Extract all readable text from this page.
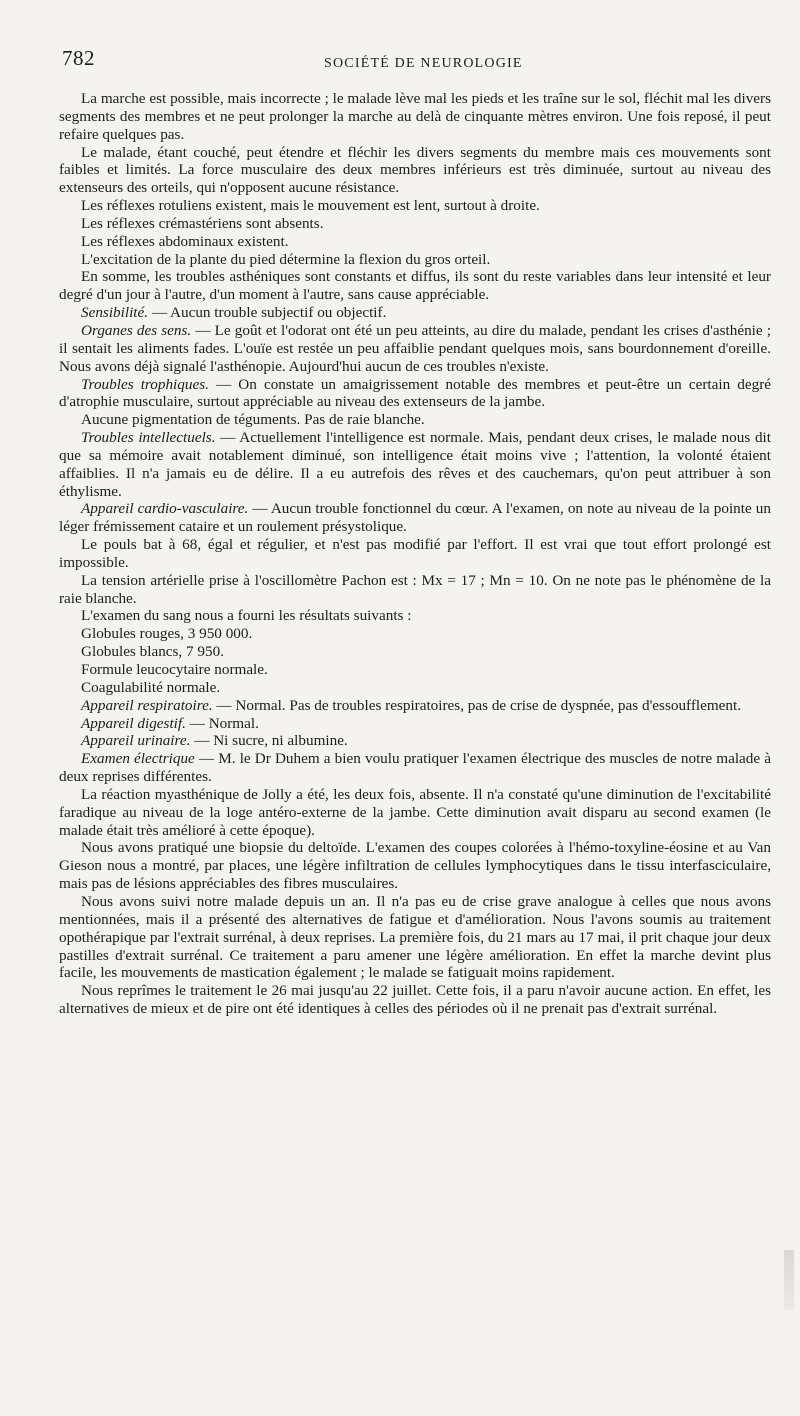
782	SOCIÉTÉ DE NEUROLOGIE

La marche est possible, mais incorrecte ; le malade lève mal les pieds et les traîne sur le sol, fléchit mal les divers segments des membres et ne peut prolonger la marche au delà de cinquante mètres environ. Une fois reposé, il peut refaire quelques pas.

Le malade, étant couché, peut étendre et fléchir les divers segments du membre mais ces mouvements sont faibles et limités. La force musculaire des deux membres inférieurs est très diminuée, surtout au niveau des extenseurs des orteils, qui n'opposent aucune résistance.

Les réflexes rotuliens existent, mais le mouvement est lent, surtout à droite.

Les réflexes crémastériens sont absents.

Les réflexes abdominaux existent.

L'excitation de la plante du pied détermine la flexion du gros orteil.

En somme, les troubles asthéniques sont constants et diffus, ils sont du reste variables dans leur intensité et leur degré d'un jour à l'autre, d'un moment à l'autre, sans cause appréciable.

Sensibilité. — Aucun trouble subjectif ou objectif.

Organes des sens. — Le goût et l'odorat ont été un peu atteints, au dire du malade, pendant les crises d'asthénie ; il sentait les aliments fades. L'ouïe est restée un peu affaiblie pendant quelques mois, sans bourdonnement d'oreille. Nous avons déjà signalé l'asthénopie. Aujourd'hui aucun de ces troubles n'existe.

Troubles trophiques. — On constate un amaigrissement notable des membres et peut-être un certain degré d'atrophie musculaire, surtout appréciable au niveau des extenseurs de la jambe.

Aucune pigmentation de téguments. Pas de raie blanche.

Troubles intellectuels. — Actuellement l'intelligence est normale. Mais, pendant deux crises, le malade nous dit que sa mémoire avait notablement diminué, son intelligence était moins vive ; l'attention, la volonté étaient affaiblies. Il n'a jamais eu de délire. Il a eu autrefois des rêves et des cauchemars, qu'on peut attribuer à son éthylisme.

Appareil cardio-vasculaire. — Aucun trouble fonctionnel du cœur. A l'examen, on note au niveau de la pointe un léger frémissement cataire et un roulement présystolique.

Le pouls bat à 68, égal et régulier, et n'est pas modifié par l'effort. Il est vrai que tout effort prolongé est impossible.

La tension artérielle prise à l'oscillomètre Pachon est : Mx = 17 ; Mn = 10. On ne note pas le phénomène de la raie blanche.

L'examen du sang nous a fourni les résultats suivants :

Globules rouges, 3 950 000.

Globules blancs, 7 950.

Formule leucocytaire normale.

Coagulabilité normale.

Appareil respiratoire. — Normal. Pas de troubles respiratoires, pas de crise de dyspnée, pas d'essoufflement.

Appareil digestif. — Normal.

Appareil urinaire. — Ni sucre, ni albumine.

Examen électrique — M. le Dr Duhem a bien voulu pratiquer l'examen électrique des muscles de notre malade à deux reprises différentes.

La réaction myasthénique de Jolly a été, les deux fois, absente. Il n'a constaté qu'une diminution de l'excitabilité faradique au niveau de la loge antéro-externe de la jambe. Cette diminution avait disparu au second examen (le malade était très amélioré à cette époque).

Nous avons pratiqué une biopsie du deltoïde. L'examen des coupes colorées à l'hémo-toxyline-éosine et au Van Gieson nous a montré, par places, une légère infiltration de cellules lymphocytiques dans le tissu interfasciculaire, mais pas de lésions appréciables des fibres musculaires.

Nous avons suivi notre malade depuis un an. Il n'a pas eu de crise grave analogue à celles que nous avons mentionnées, mais il a présenté des alternatives de fatigue et d'amélioration. Nous l'avons soumis au traitement opothérapique par l'extrait surrénal, à deux reprises. La première fois, du 21 mars au 17 mai, il prit chaque jour deux pastilles d'extrait surrénal. Ce traitement a paru amener une légère amélioration. En effet la marche devint plus facile, les mouvements de mastication également ; le malade se fatiguait moins rapidement.

Nous reprîmes le traitement le 26 mai jusqu'au 22 juillet. Cette fois, il a paru n'avoir aucune action. En effet, les alternatives de mieux et de pire ont été identiques à celles des périodes où il ne prenait pas d'extrait surrénal.
